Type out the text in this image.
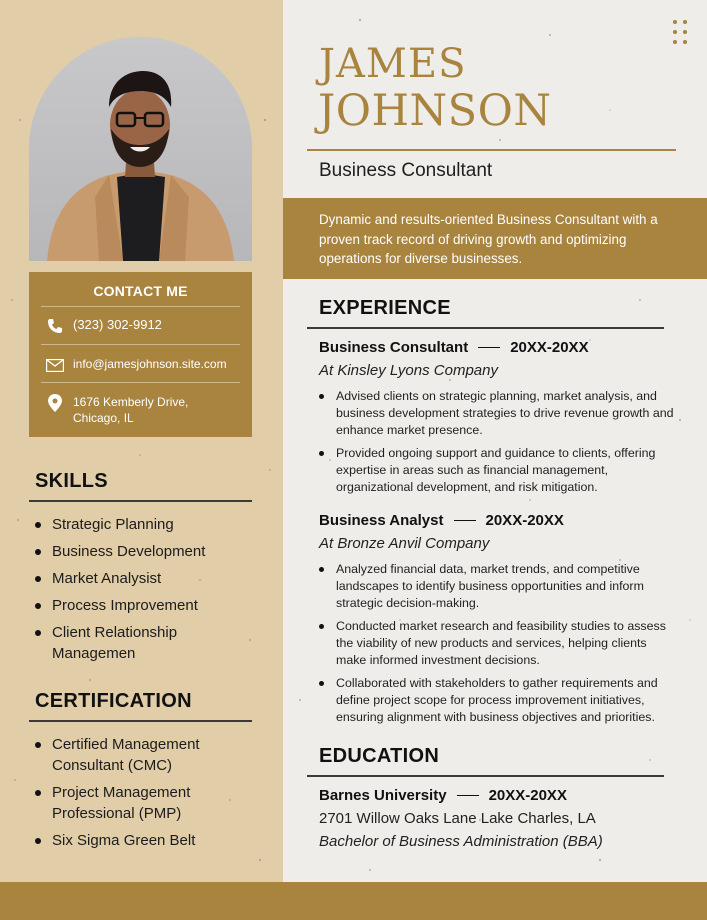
CONTACT ME
(323) 302-9912
info@jamesjohnson.site.com
1676 Kemberly Drive,
Chicago, IL
SKILLS
Strategic Planning
Business Development
Market Analysist
Process Improvement
Client Relationship Managemen
CERTIFICATION
Certified Management Consultant (CMC)
Project Management Professional (PMP)
Six Sigma Green Belt
JAMES
JOHNSON
Business Consultant
Dynamic and results-oriented Business Consultant with a proven track record of driving growth and optimizing operations for diverse businesses.
EXPERIENCE
Business Consultant	20XX-20XX
At Kinsley Lyons Company
Advised clients on strategic planning, market analysis, and business development strategies to drive revenue growth and enhance market presence.
Provided ongoing support and guidance to clients, offering expertise in areas such as financial management, organizational development, and risk mitigation.
Business Analyst	20XX-20XX
At Bronze Anvil Company
Analyzed financial data, market trends, and competitive landscapes to identify business opportunities and inform strategic decision-making.
Conducted market research and feasibility studies to assess the viability of new products and services, helping clients make informed investment decisions.
Collaborated with stakeholders to gather requirements and define project scope for process improvement initiatives, ensuring alignment with business objectives and priorities.
EDUCATION
Barnes University	20XX-20XX
2701 Willow Oaks Lane Lake Charles, LA
Bachelor of Business Administration (BBA)
